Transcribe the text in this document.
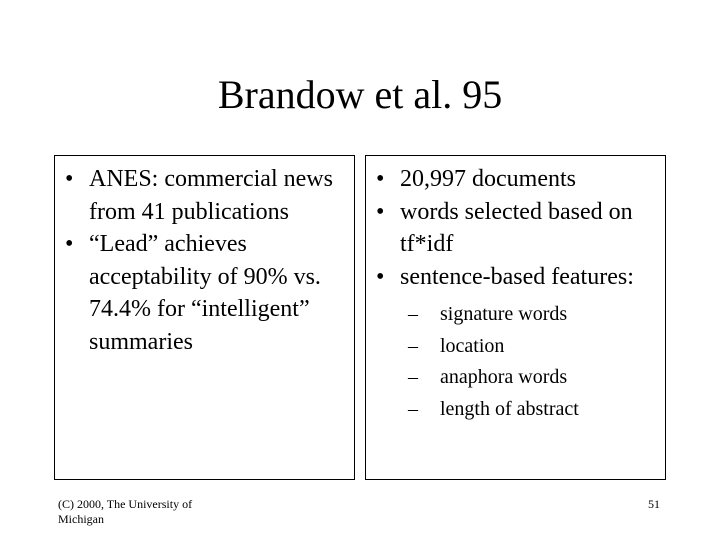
Brandow et al. 95
• ANES: commercial news from 41 publications
• “Lead” achieves acceptability of 90% vs. 74.4% for “intelligent” summaries
• 20,997 documents
• words selected based on tf*idf
• sentence-based features:
– signature words
– location
– anaphora words
– length of abstract
(C) 2000, The University of Michigan
51
